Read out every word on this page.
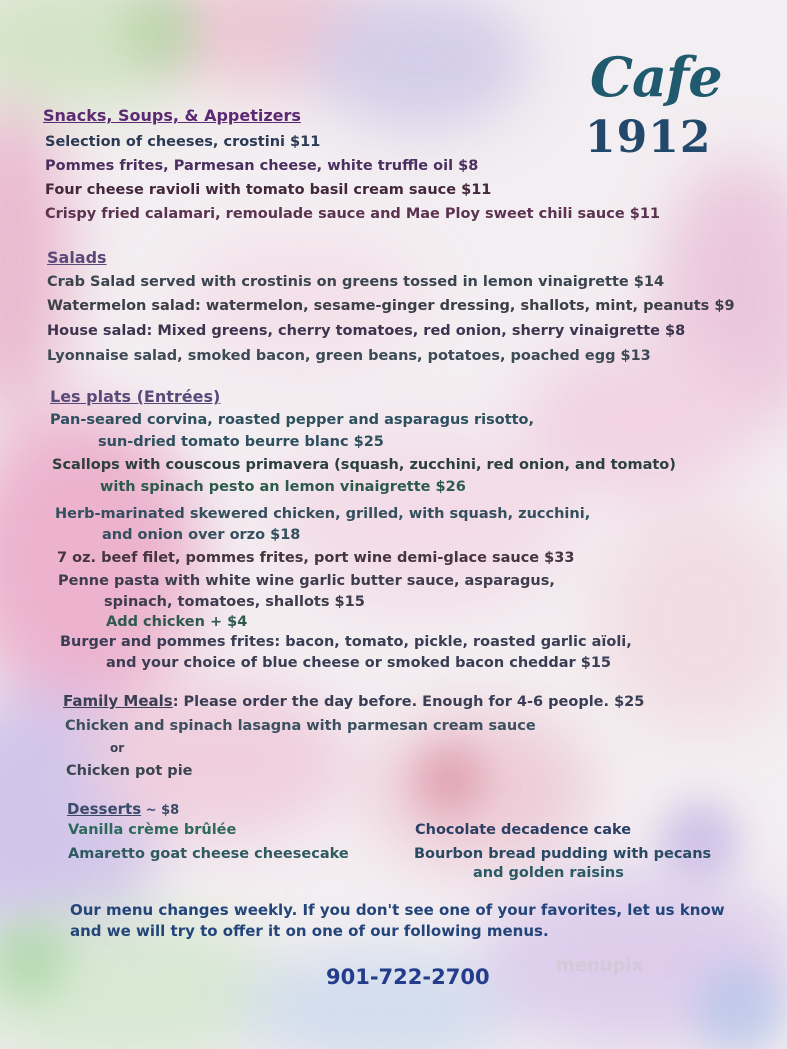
Cafe
1912
Snacks, Soups, & Appetizers
Selection of cheeses, crostini $11
Pommes frites, Parmesan cheese, white truffle oil $8
Four cheese ravioli with tomato basil cream sauce $11
Crispy fried calamari, remoulade sauce and Mae Ploy sweet chili sauce $11
Salads
Crab Salad served with crostinis on greens tossed in lemon vinaigrette $14
Watermelon salad: watermelon, sesame-ginger dressing, shallots, mint, peanuts $9
House salad: Mixed greens, cherry tomatoes, red onion, sherry vinaigrette $8
Lyonnaise salad, smoked bacon, green beans, potatoes, poached egg $13
Les plats (Entrées)
Pan-seared corvina, roasted pepper and asparagus risotto,
sun-dried tomato beurre blanc $25
Scallops with couscous primavera (squash, zucchini, red onion, and tomato)
with spinach pesto an lemon vinaigrette $26
Herb-marinated skewered chicken, grilled, with squash, zucchini,
and onion over orzo $18
7 oz. beef filet, pommes frites, port wine demi-glace sauce $33
Penne pasta with white wine garlic butter sauce, asparagus,
spinach, tomatoes, shallots $15
Add chicken + $4
Burger and pommes frites: bacon, tomato, pickle, roasted garlic aïoli,
and your choice of blue cheese or smoked bacon cheddar $15
Family Meals: Please order the day before. Enough for 4-6 people. $25
Chicken and spinach lasagna with parmesan cream sauce
or
Chicken pot pie
Desserts ~ $8
Vanilla crème brûlée
Amaretto goat cheese cheesecake
Chocolate decadence cake
Bourbon bread pudding with pecans
and golden raisins
Our menu changes weekly. If you don't see one of your favorites, let us know
and we will try to offer it on one of our following menus.
901-722-2700	menupix
